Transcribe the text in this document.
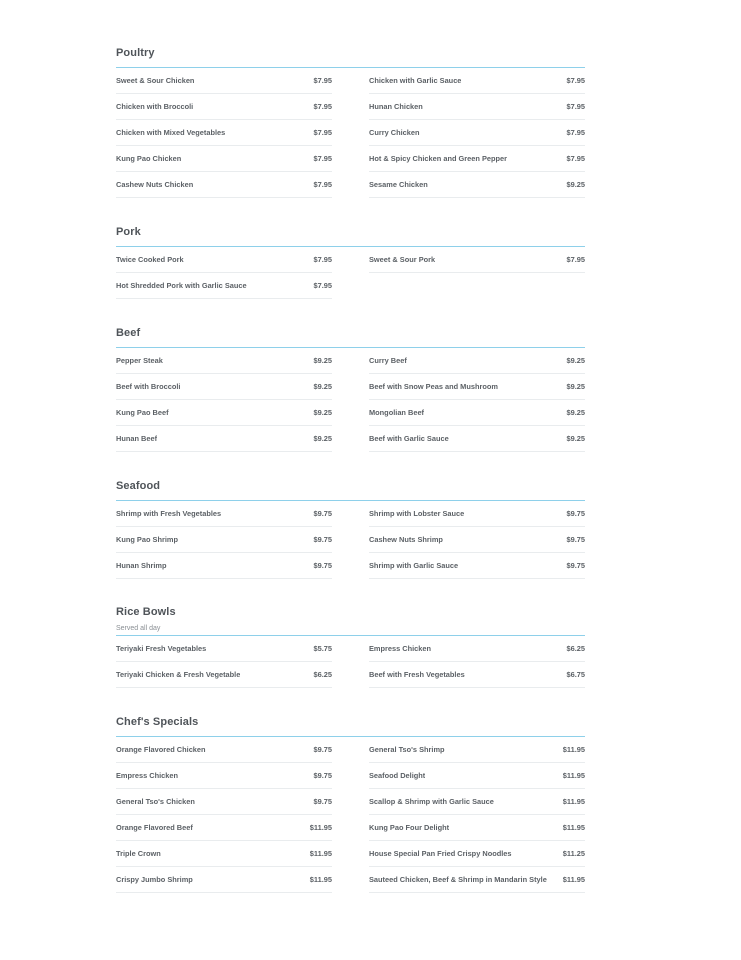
Poultry
Sweet & Sour Chicken	$7.95
Chicken with Broccoli	$7.95
Chicken with Mixed Vegetables	$7.95
Kung Pao Chicken	$7.95
Cashew Nuts Chicken	$7.95
Chicken with Garlic Sauce	$7.95
Hunan Chicken	$7.95
Curry Chicken	$7.95
Hot & Spicy Chicken and Green Pepper	$7.95
Sesame Chicken	$9.25
Pork
Twice Cooked Pork	$7.95
Hot Shredded Pork with Garlic Sauce	$7.95
Sweet & Sour Pork	$7.95
Beef
Pepper Steak	$9.25
Beef with Broccoli	$9.25
Kung Pao Beef	$9.25
Hunan Beef	$9.25
Curry Beef	$9.25
Beef with Snow Peas and Mushroom	$9.25
Mongolian Beef	$9.25
Beef with Garlic Sauce	$9.25
Seafood
Shrimp with Fresh Vegetables	$9.75
Kung Pao Shrimp	$9.75
Hunan Shrimp	$9.75
Shrimp with Lobster Sauce	$9.75
Cashew Nuts Shrimp	$9.75
Shrimp with Garlic Sauce	$9.75
Rice Bowls

Served all day

Teriyaki Fresh Vegetables	$5.75
Teriyaki Chicken & Fresh Vegetable	$6.25
Empress Chicken	$6.25
Beef with Fresh Vegetables	$6.75
Chef's Specials
Orange Flavored Chicken	$9.75
Empress Chicken	$9.75
General Tso's Chicken	$9.75
Orange Flavored Beef	$11.95
Triple Crown	$11.95
Crispy Jumbo Shrimp	$11.95
General Tso's Shrimp	$11.95
Seafood Delight	$11.95
Scallop & Shrimp with Garlic Sauce	$11.95
Kung Pao Four Delight	$11.95
House Special Pan Fried Crispy Noodles	$11.25
Sauteed Chicken, Beef & Shrimp in Mandarin Style	$11.95
